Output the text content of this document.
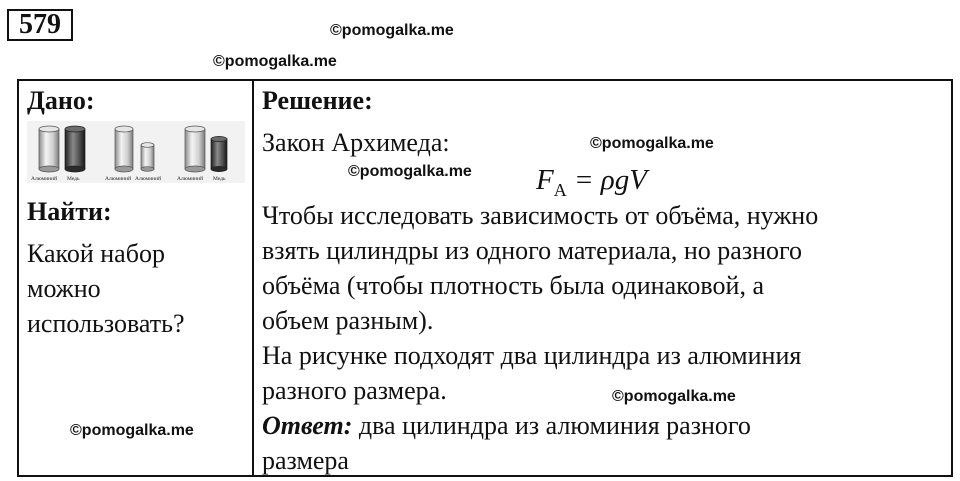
579	©pomogalka.me
©pomogalka.me
Дано:
Алюминий Медь	Алюминий Алюминий	Алюминий Медь
Найти:
Какой набор
можно
использовать?
Решение:
Закон Архимеда:
$F_А = \rho gV$
Чтобы исследовать зависимость от объёма, нужно
взять цилиндры из одного материала, но разного
объёма (чтобы плотность была одинаковой, а
объем разным).
На рисунке подходят два цилиндра из алюминия
разного размера.
Ответ: два цилиндра из алюминия разного
размера
©pomogalka.me
©pomogalka.me
©pomogalka.me
©pomogalka.me
